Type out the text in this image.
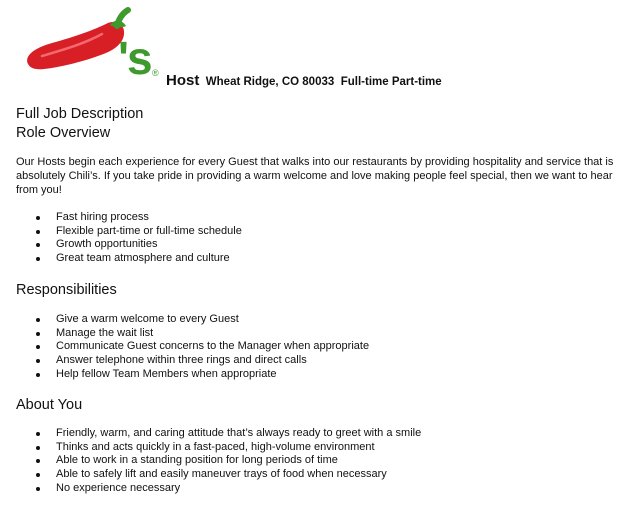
's ® Host Wheat Ridge, CO 80033 Full-time Part-time
Full Job Description
Role Overview

Our Hosts begin each experience for every Guest that walks into our restaurants by providing hospitality and service that is absolutely Chili’s. If you take pride in providing a warm welcome and love making people feel special, then we want to hear from you!

Fast hiring process
Flexible part-time or full-time schedule
Growth opportunities
Great team atmosphere and culture
Responsibilities
Give a warm welcome to every Guest
Manage the wait list
Communicate Guest concerns to the Manager when appropriate
Answer telephone within three rings and direct calls
Help fellow Team Members when appropriate
About You
Friendly, warm, and caring attitude that’s always ready to greet with a smile
Thinks and acts quickly in a fast-paced, high-volume environment
Able to work in a standing position for long periods of time
Able to safely lift and easily maneuver trays of food when necessary
No experience necessary
